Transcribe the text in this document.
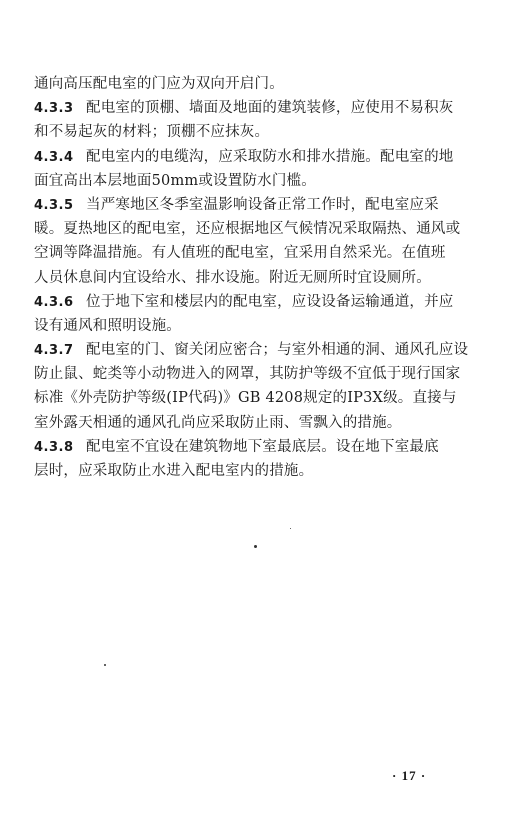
通向高压配电室的门应为双向开启门。
4.3.3 配电室的顶棚、墙面及地面的建筑装修，应使用不易积灰
和不易起灰的材料；顶棚不应抹灰。
4.3.4 配电室内的电缆沟，应采取防水和排水措施。配电室的地
面宜高出本层地面50mm或设置防水门槛。
4.3.5 当严寒地区冬季室温影响设备正常工作时，配电室应采
暖。夏热地区的配电室，还应根据地区气候情况采取隔热、通风或
空调等降温措施。有人值班的配电室，宜采用自然采光。在值班
人员休息间内宜设给水、排水设施。附近无厕所时宜设厕所。
4.3.6 位于地下室和楼层内的配电室，应设设备运输通道，并应
设有通风和照明设施。
4.3.7 配电室的门、窗关闭应密合；与室外相通的洞、通风孔应设
防止鼠、蛇类等小动物进入的网罩，其防护等级不宜低于现行国家
标准《外壳防护等级(IP代码)》GB 4208规定的IP3X级。直接与
室外露天相通的通风孔尚应采取防止雨、雪飘入的措施。
4.3.8 配电室不宜设在建筑物地下室最底层。设在地下室最底
层时，应采取防止水进入配电室内的措施。
· 17 ·
